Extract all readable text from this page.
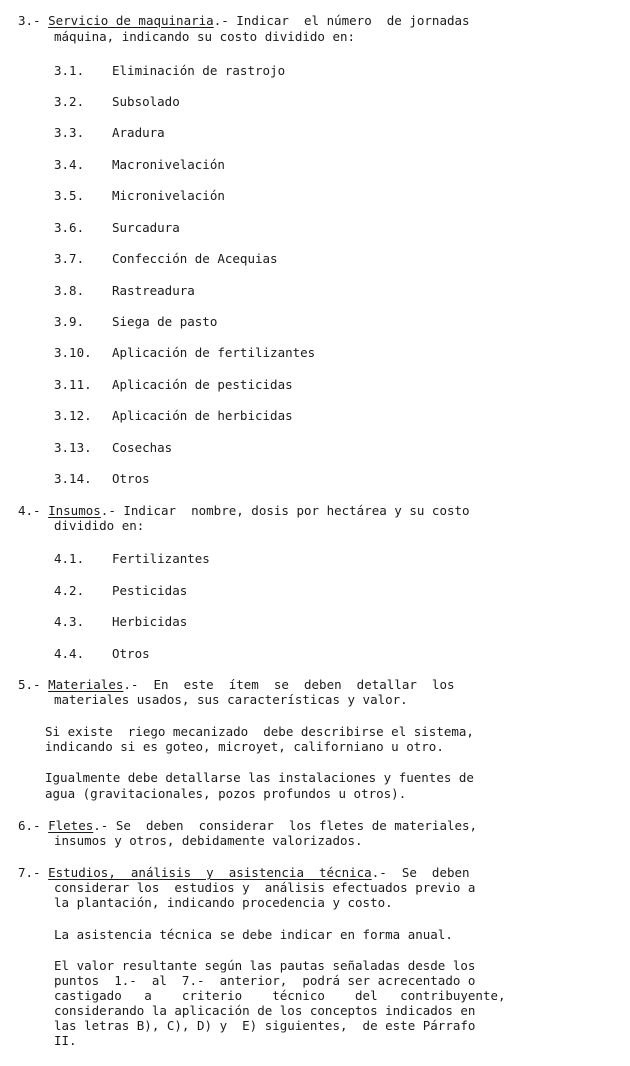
3.- Servicio de maquinaria.- Indicar  el número  de jornadas
máquina, indicando su costo dividido en:
3.1. Eliminación de rastrojo
3.2. Subsolado
3.3. Aradura
3.4. Macronivelación
3.5. Micronivelación
3.6. Surcadura
3.7. Confección de Acequias
3.8. Rastreadura
3.9. Siega de pasto
3.10. Aplicación de fertilizantes
3.11. Aplicación de pesticidas
3.12. Aplicación de herbicidas
3.13. Cosechas
3.14. Otros
4.- Insumos.- Indicar  nombre, dosis por hectárea y su costo
dividido en:
4.1. Fertilizantes
4.2. Pesticidas
4.3. Herbicidas
4.4. Otros
5.- Materiales.-  En  este  ítem  se  deben  detallar  los
materiales usados, sus características y valor.
Si existe  riego mecanizado  debe describirse el sistema,
indicando si es goteo, microyet, californiano u otro.
Igualmente debe detallarse las instalaciones y fuentes de
agua (gravitacionales, pozos profundos u otros).
6.- Fletes.- Se  deben  considerar  los fletes de materiales,
insumos y otros, debidamente valorizados.
7.- Estudios,  análisis  y  asistencia  técnica.-  Se  deben
considerar los  estudios y  análisis efectuados previo a
la plantación, indicando procedencia y costo.
La asistencia técnica se debe indicar en forma anual.
El valor resultante según las pautas señaladas desde los
puntos  1.-  al  7.-  anterior,  podrá ser acrecentado o
castigado   a    criterio    técnico    del   contribuyente,
considerando la aplicación de los conceptos indicados en
las letras B), C), D) y  E) siguientes,  de este Párrafo
II.
